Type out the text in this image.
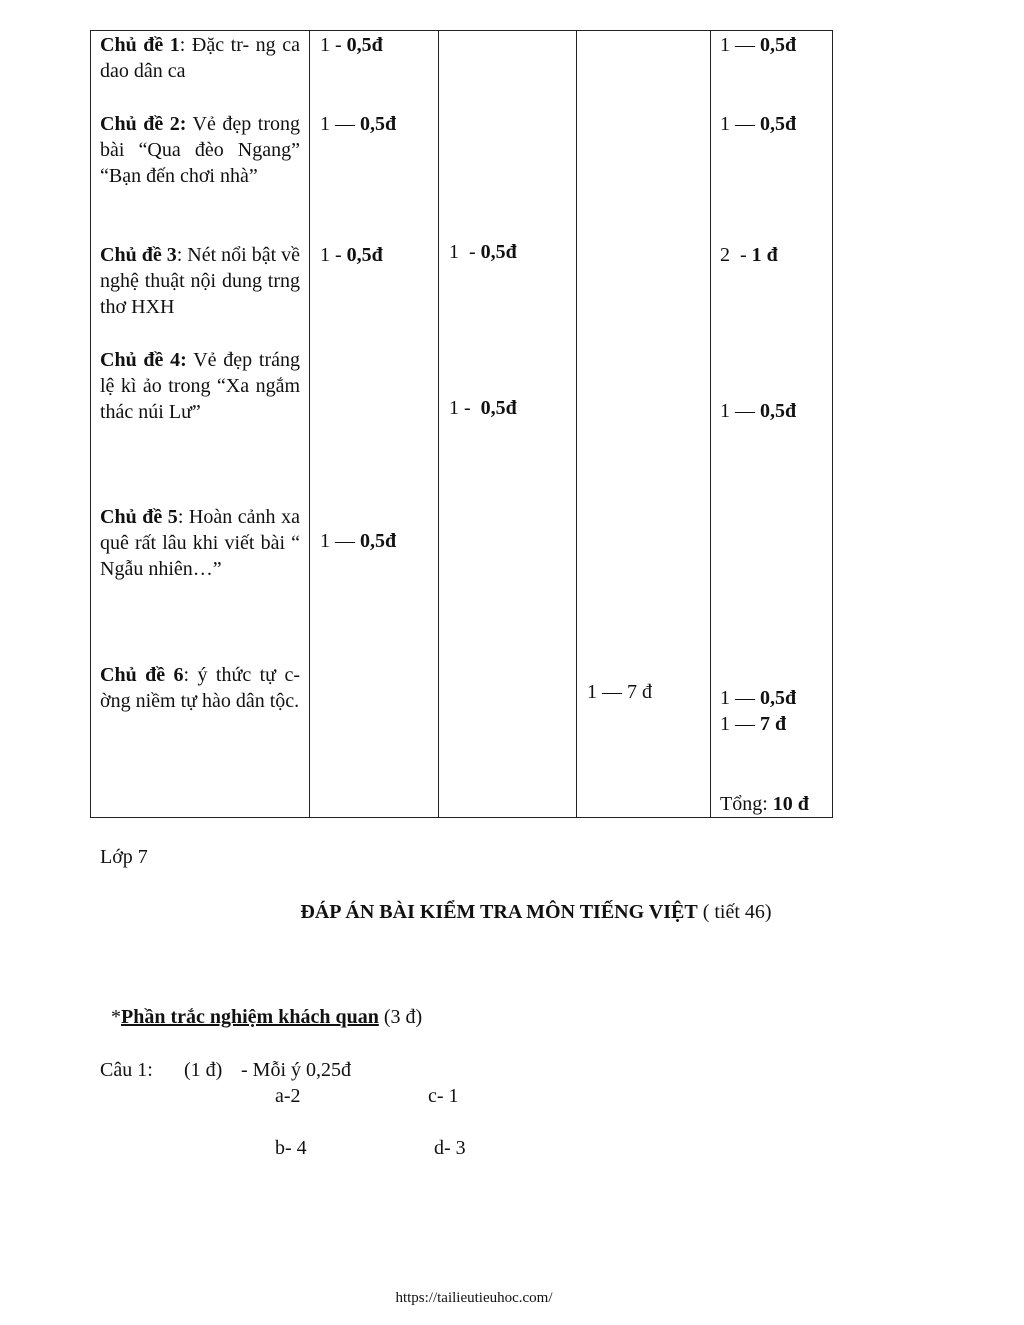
Chủ đề 1: Đặc tr- ng ca dao dân ca
Chủ đề 2: Vẻ đẹp trong bài “Qua đèo Ngang” “Bạn đến chơi nhà”
Chủ đề 3: Nét nổi bật về nghệ thuật nội dung trng thơ HXH
Chủ đề 4: Vẻ đẹp tráng lệ kì ảo trong “Xa ngắm thác núi Lư”
Chủ đề 5: Hoàn cảnh xa quê rất lâu khi viết bài “ Ngẫu nhiên…”
Chủ đề 6: ý thức tự c- ờng niềm tự hào dân tộc.
1 - 0,5đ
1 — 0,5đ
1 - 0,5đ
1 — 0,5đ
1  - 0,5đ
1 -  0,5đ
1 — 7 đ
1 — 0,5đ
1 — 0,5đ
2  - 1 đ
1 — 0,5đ
1 — 0,5đ
1 — 7 đ
Tổng: 10 đ
Lớp 7
ĐÁP ÁN BÀI KIỂM TRA MÔN TIẾNG VIỆT ( tiết 46)
*Phần trắc nghiệm khách quan (3 đ)
Câu 1: (1 đ) - Mỗi ý 0,25đ
a-2	c- 1
b- 4	d- 3
https://tailieutieuhoc.com/
